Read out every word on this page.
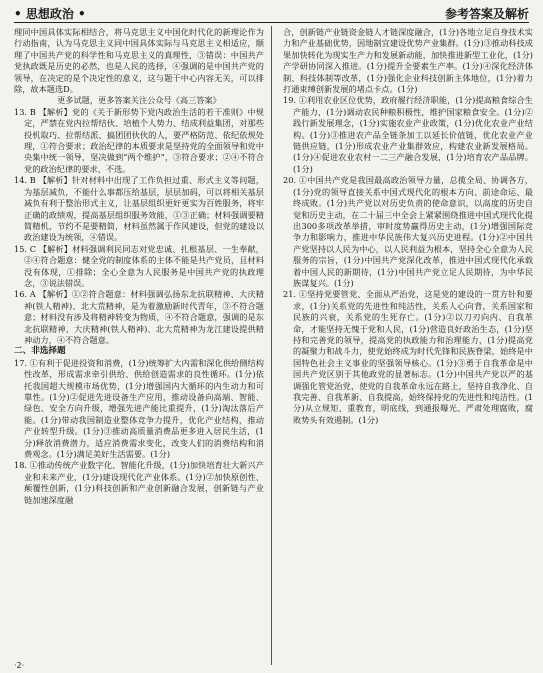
• 思想政治 •	参考答案及解析
理同中国具体实际相结合，将马克思主义中国化时代化的新理论作为行动指南，认为马克思主义同中国具体实际与马克思主义相适应，顺理了中国共产党的科学性和马克思主义的真理性，③错误：中国共产党执政既是历史的必然，也是人民的选择，④强调的是中国共产党的领导，在决定的是个决定性的意义，这与题干中心内容无关，可以排除，故本题选D。
更多试题，更多答案关注公众号《高三答案》
13. B 【解析】党的《关于新形势下党内政治生活的若干准则》中规定，严禁在党内拉帮结伙、培植个人势力、结成利益集团，对那些投机取巧、拉帮结派、搞团团伙伙的人，要严格防范、依纪依规处理，①符合要求；政治纪律的本质要求是坚持党的全面领导和党中央集中统一领导，坚决做到“两个维护”，③符合要求；②④不符合党的政治纪律的要求，不选。
14. B 【解析】针对材料中出现了工作负担过重、形式主义等问题，为基层减负，不能什么事都压给基层，层层加码，可以将相关基层减负有利于整治形式主义，让基层组织更好更实为百姓服务，将牢正确的政绩观，提高基层组织服务效能，①③正确；材料强调要精简精机，节约不是要精简，材料虽然属于作风建设，但党的建设以政治建设为统领，④错误。
15. C 【解析】材料强调利民同志对党忠诚、扎根基层、一生奉献，②④符合题意：健全党的制度体系的主体不能是共产党员，且材料没有体现，①排除；全心全意为人民服务是中国共产党的执政理念，③说法错误。
16. A 【解析】①②符合题意：材料强调弘扬东北抗联精神、大庆精神(铁人精神)、北大荒精神，是为着激励新时代青年，③不符合题意；材料没有涉及将精神转变为物质，④不符合题意，强调的是东北抗联精神、大庆精神(铁人精神)、北大荒精神为龙江建设提供精神动力，④不符合题意。
二、非选择题
17. ①有利于促进投资和消费，(1分)统筹扩大内需和深化供给侧结构性改革，形成需求牵引供给、供给创造需求的良性循环。(1分)依托我国超大规模市场优势，(1分)增强国内大循环的内生动力和可靠性。(1分)②促进先进设备生产应用，推动设备向高端、智能、绿色、安全方向升级，增强先进产能比重提升，(1分)淘汰落后产能。(1分)带动我国制造业整体竞争力提升，优化产业结构，推动产业转型升级。(1分)③推动高质量消费品更多进入居民生活，(1分)释放消费潜力，适应消费需求变化，改变人们的消费结构和消费观念。(1分)满足美好生活需要。(1分)
18. ①推动传统产业数字化、智能化升级，(1分)加快培育壮大新兴产业和未来产业，(1分)建设现代化产业体系。(1分)②加快原创性、颠覆性创新，(1分)科技创新和产业创新融合发展，创新链与产业链加速深度融
合，创新链产业链资金链人才链深度融合，(1分)各地立足自身技术实力和产业基础优势，因地制宜建设优势产业集群。(1分)③推动科技成果加快转化为现实生产力和发展新动能，加快推进新型工业化，(1分)产学研协同深入推进。(1分)提升全要素生产率。(1分)④深化经济体制、科技体制等改革，(1分)强化企业科技创新主体地位，(1分)着力打通束缚创新发展的堵点卡点。(1分)
19. ①利用农业区位优势，政府履行经济职能，(1分)提高粮食综合生产能力，(1分)调动农民种粮积极性，维护国家粮食安全。(1分)②践行新发展理念，(1分)实施农业产业政策，(1分)优化农业产业结构。(1分)③推进农产品全链条加工以延长价值链，优化农业产业链供应链，(1分)形成农业产业集群效应，构建农业新发展格局。(1分)④促进农业农村一二三产融合发展，(1分)培育农产品品牌。(1分)
20. ①中国共产党是我国最高政治领导力量，总揽全局、协调各方，(1分)党的领导直接关系中国式现代化的根本方向、前途命运、最终成败。(1分)共产党以对历史负责的使命意识，以高度的历史自觉和历史主动，在二十届三中全会上紧紧围绕推进中国式现代化提出300多项改革举措，审时度势赢得历史主动，(1分)增强国际竞争力和影响力，推进中华民族伟大复兴历史进程。(1分)②中国共产党坚持以人民为中心，以人民利益为根本，坚持全心全意为人民服务的宗旨，(1分)中国共产党深化改革，推进中国式现代化承载着中国人民的新期待，(1分)中国共产党立足人民期待，为中华民族谋复兴。(1分)
21. ①坚持党要管党、全面从严治党，这是党的建设的一贯方针和要求，(1分)关系党的先进性和纯洁性，关系人心向背，关系国家和民族的兴衰，关系党的生死存亡。(1分)②以刀刃向内、自我革命，才能坚持无愧于党和人民，(1分)营造良好政治生态，(1分)坚持和完善党的领导，提高党的执政能力和治理能力，(1分)提高党的凝聚力和战斗力，使党始终成为时代先锋和民族脊梁，始终是中国特色社会主义事业的坚强领导核心。(1分)③勇于自我革命是中国共产党区别于其他政党的显著标志。(1分)中国共产党以严的基调强化管党治党，使党的自我革命永远在路上，坚持自我净化、自我完善、自我革新、自我提高，始终保持党的先进性和纯洁性。(1分)从立规矩、重教育，明底线，到通报曝光、严肃处理腐败，腐败势头有效遏制。(1分)
·2·
